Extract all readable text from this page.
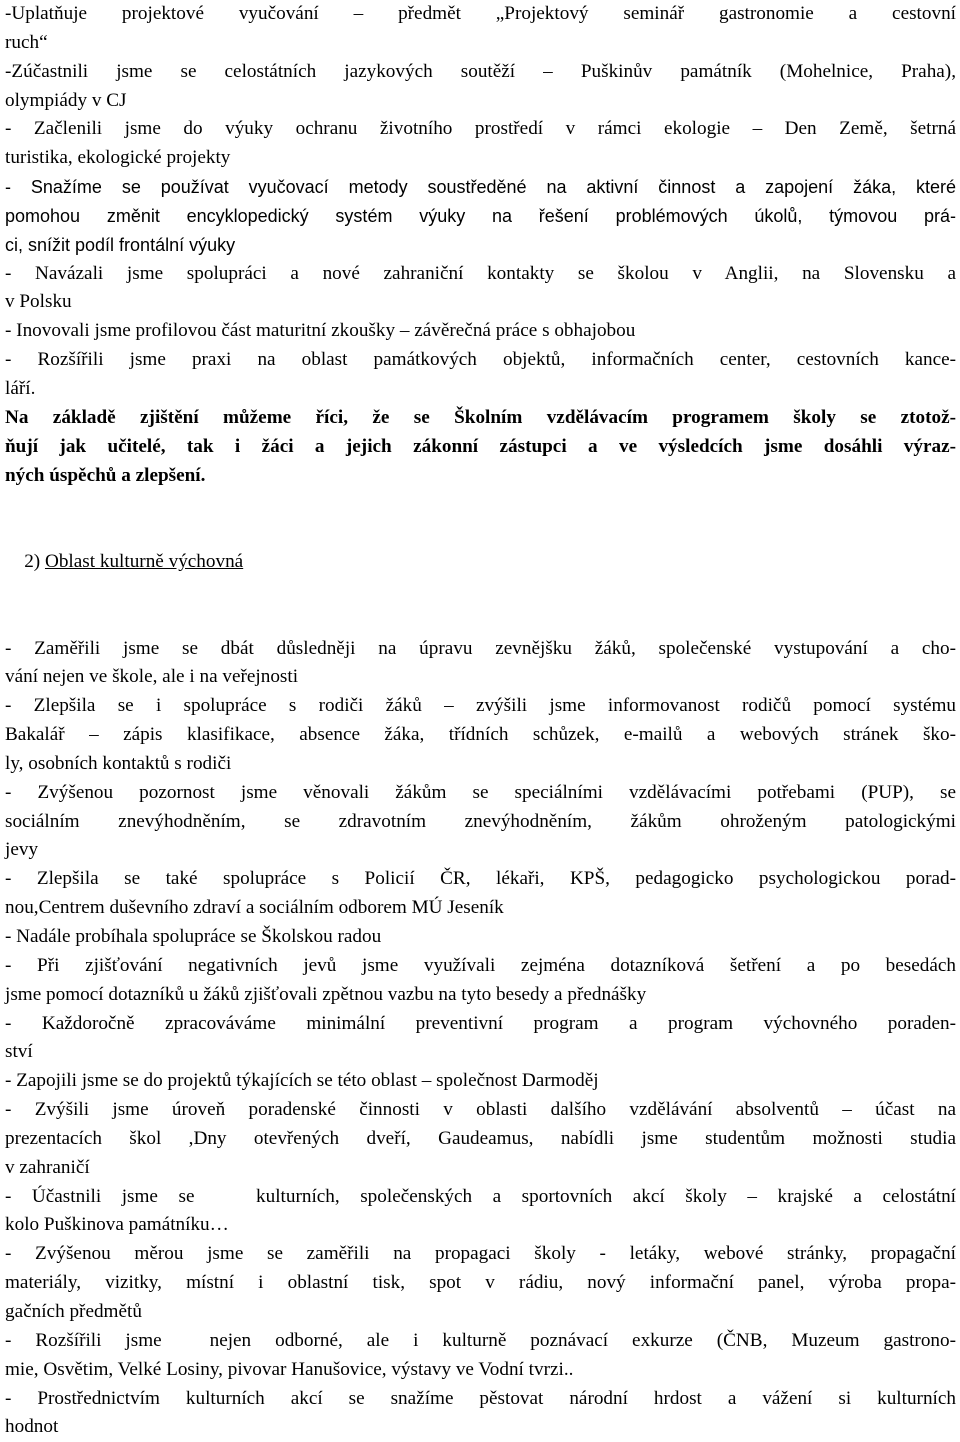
-Uplatňuje projektové vyučování – předmět „Projektový seminář gastronomie a cestovní
ruch“
-Zúčastnili jsme se celostátních jazykových soutěží – Puškinův památník (Mohelnice, Praha),
olympiády v CJ
- Začlenili jsme do výuky ochranu životního prostředí v rámci ekologie – Den Země, šetrná
turistika, ekologické projekty
- Snažíme se používat vyučovací metody soustředěné na aktivní činnost a zapojení žáka, které
pomohou změnit encyklopedický systém výuky na řešení problémových úkolů, týmovou prá-
ci, snížit podíl frontální výuky
- Navázali jsme spolupráci a nové zahraniční kontakty se školou v Anglii, na Slovensku a
v Polsku
- Inovovali jsme profilovou část maturitní zkoušky – závěrečná práce s obhajobou
- Rozšířili jsme praxi na oblast památkových objektů, informačních center, cestovních kance-
láří.
Na základě zjištění můžeme říci, že se Školním vzdělávacím programem školy se ztotož-
ňují jak učitelé, tak i žáci a jejich zákonní zástupci a ve výsledcích jsme dosáhli výraz-
ných úspěchů a zlepšení.

2) Oblast kulturně výchovná

- Zaměřili jsme se dbát důsledněji na úpravu zevnějšku žáků, společenské vystupování a cho-
vání nejen ve škole, ale i na veřejnosti
- Zlepšila se i spolupráce s rodiči žáků – zvýšili jsme informovanost rodičů pomocí systému
Bakalář – zápis klasifikace, absence žáka, třídních schůzek, e-mailů a webových stránek ško-
ly, osobních kontaktů s rodiči
- Zvýšenou pozornost jsme věnovali žákům se speciálními vzdělávacími potřebami (PUP), se
sociálním znevýhodněním, se zdravotním znevýhodněním, žákům ohroženým patologickými
jevy
- Zlepšila se také spolupráce s Policií ČR, lékaři, KPŠ, pedagogicko psychologickou porad-
nou,Centrem duševního zdraví a sociálním odborem MÚ Jeseník
- Nadále probíhala spolupráce se Školskou radou
- Při zjišťování negativních jevů jsme využívali zejména dotazníková šetření a po besedách
jsme pomocí dotazníků u žáků zjišťovali zpětnou vazbu na tyto besedy a přednášky
- Každoročně zpracováváme minimální preventivní program a program výchovného poraden-
ství
- Zapojili jsme se do projektů týkajících se této oblast – společnost Darmoděj
- Zvýšili jsme úroveň poradenské činnosti v oblasti dalšího vzdělávání absolventů – účast na
prezentacích škol ,Dny otevřených dveří, Gaudeamus, nabídli jsme studentům možnosti studia
v zahraničí
- Účastnili jsme se   kulturních, společenských a sportovních akcí školy – krajské a celostátní
kolo Puškinova památníku…
- Zvýšenou měrou jsme se zaměřili na propagaci školy - letáky, webové stránky, propagační
materiály, vizitky, místní i oblastní tisk, spot v rádiu, nový informační panel, výroba propa-
gačních předmětů
- Rozšířili jsme  nejen odborné, ale i kulturně poznávací exkurze (ČNB, Muzeum gastrono-
mie, Osvětim, Velké Losiny, pivovar Hanušovice, výstavy ve Vodní tvrzi..
- Prostřednictvím kulturních akcí se snažíme pěstovat národní hrdost a vážení si kulturních
hodnot
